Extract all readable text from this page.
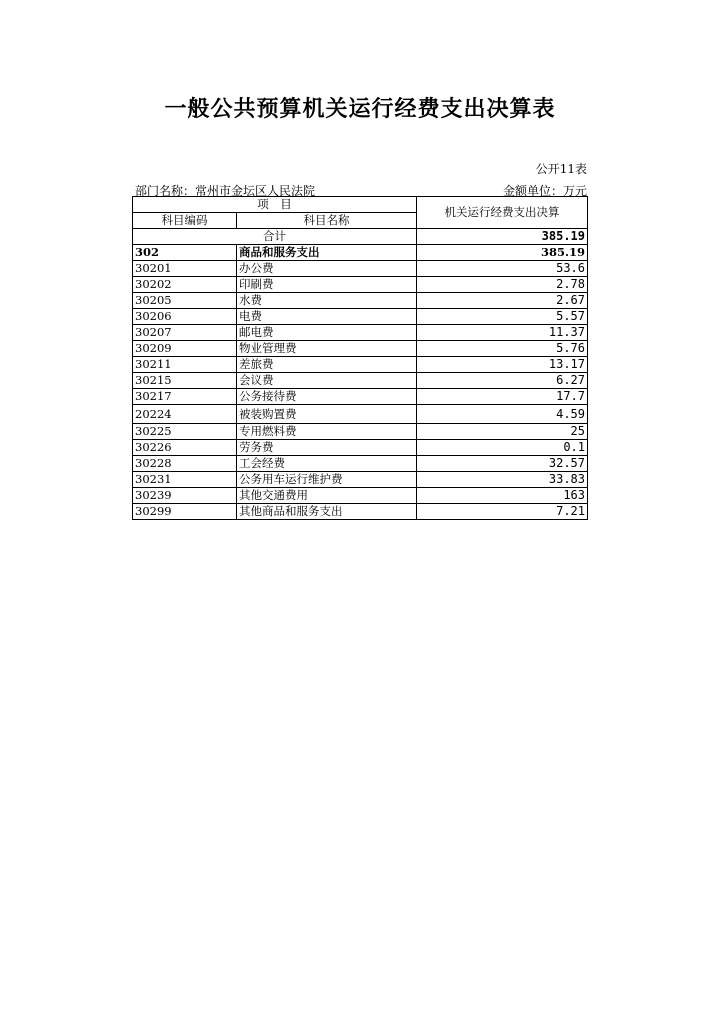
一般公共预算机关运行经费支出决算表
公开11表
部门名称：常州市金坛区人民法院	金额单位：万元
项　目		机关运行经费支出决算
科目编码	科目名称	
合计		385.19
302	商品和服务支出	385.19
30201	办公费	53.6
30202	印刷费	2.78
30205	水费	2.67
30206	电费	5.57
30207	邮电费	11.37
30209	物业管理费	5.76
30211	差旅费	13.17
30215	会议费	6.27
30217	公务接待费	17.7
20224	被装购置费	4.59
30225	专用燃料费	25
30226	劳务费	0.1
30228	工会经费	32.57
30231	公务用车运行维护费	33.83
30239	其他交通费用	163
30299	其他商品和服务支出	7.21
